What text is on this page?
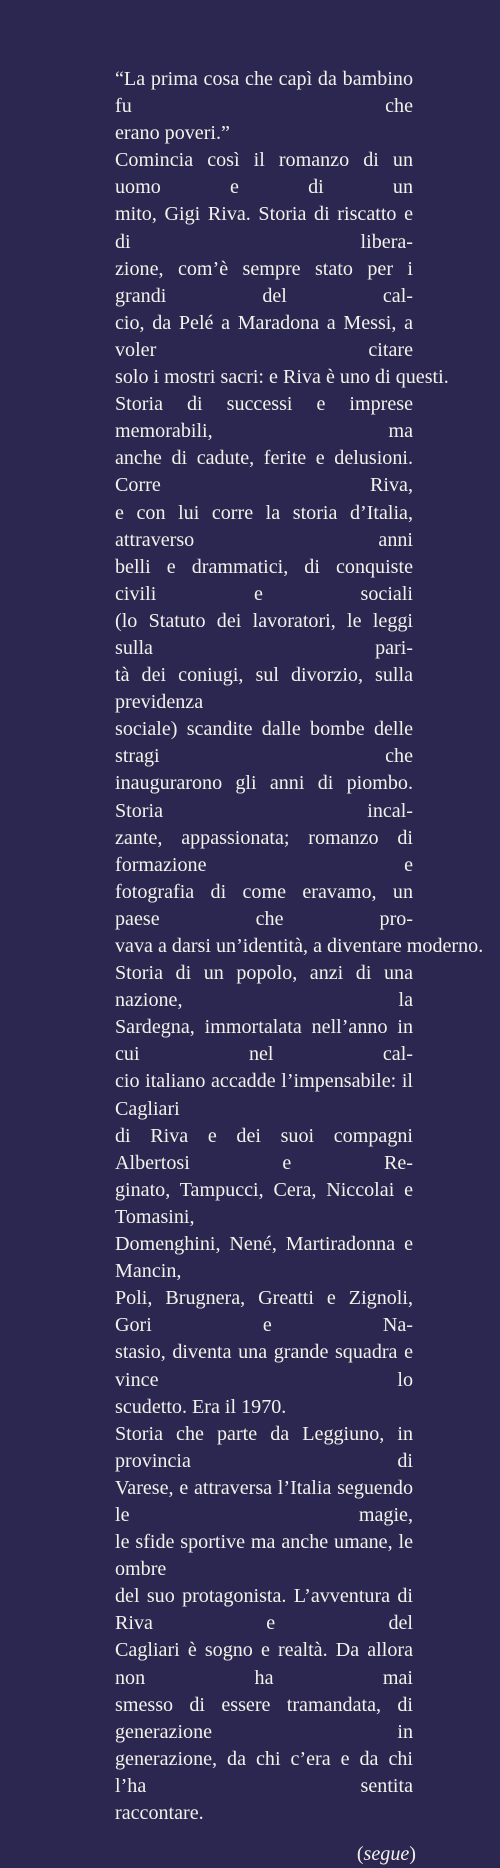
“La prima cosa che capì da bambino fu che
erano poveri.”
Comincia così il romanzo di un uomo e di un
mito, Gigi Riva. Storia di riscatto e di libera-
zione, com’è sempre stato per i grandi del cal-
cio, da Pelé a Maradona a Messi, a voler citare
solo i mostri sacri: e Riva è uno di questi.
Storia di successi e imprese memorabili, ma
anche di cadute, ferite e delusioni. Corre Riva,
e con lui corre la storia d’Italia, attraverso anni
belli e drammatici, di conquiste civili e sociali
(lo Statuto dei lavoratori, le leggi sulla pari-
tà dei coniugi, sul divorzio, sulla previdenza
sociale) scandite dalle bombe delle stragi che
inaugurarono gli anni di piombo. Storia incal-
zante, appassionata; romanzo di formazione e
fotografia di come eravamo, un paese che pro-
vava a darsi un’identità, a diventare moderno.
Storia di un popolo, anzi di una nazione, la
Sardegna, immortalata nell’anno in cui nel cal-
cio italiano accadde l’impensabile: il Cagliari
di Riva e dei suoi compagni Albertosi e Re-
ginato, Tampucci, Cera, Niccolai e Tomasini,
Domenghini, Nené, Martiradonna e Mancin,
Poli, Brugnera, Greatti e Zignoli, Gori e Na-
stasio, diventa una grande squadra e vince lo
scudetto. Era il 1970.
Storia che parte da Leggiuno, in provincia di
Varese, e attraversa l’Italia seguendo le magie,
le sfide sportive ma anche umane, le ombre
del suo protagonista. L’avventura di Riva e del
Cagliari è sogno e realtà. Da allora non ha mai
smesso di essere tramandata, di generazione in
generazione, da chi c’era e da chi l’ha sentita
raccontare.
(segue)
